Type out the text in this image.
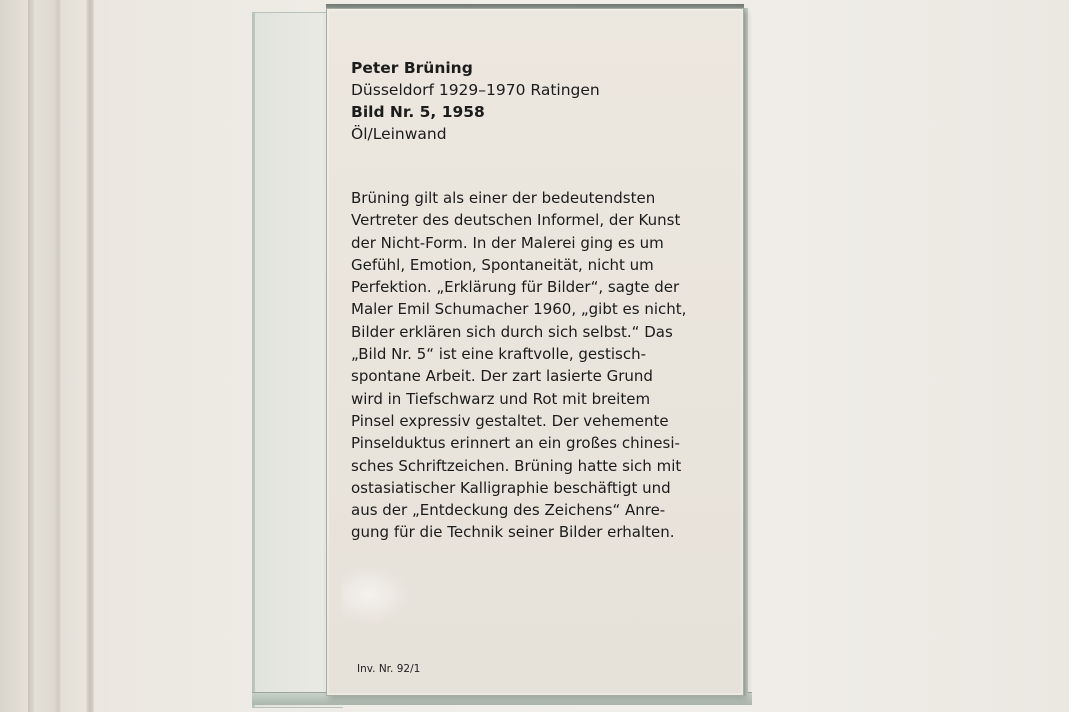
Peter Brüning
Düsseldorf 1929–1970 Ratingen
Bild Nr. 5, 1958
Öl/Leinwand
Brüning gilt als einer der bedeutendsten
Vertreter des deutschen Informel, der Kunst
der Nicht-Form. In der Malerei ging es um
Gefühl, Emotion, Spontaneität, nicht um
Perfektion. „Erklärung für Bilder“, sagte der
Maler Emil Schumacher 1960, „gibt es nicht,
Bilder erklären sich durch sich selbst.“ Das
„Bild Nr. 5“ ist eine kraftvolle, gestisch-
spontane Arbeit. Der zart lasierte Grund
wird in Tiefschwarz und Rot mit breitem
Pinsel expressiv gestaltet. Der vehemente
Pinselduktus erinnert an ein großes chinesi-
sches Schriftzeichen. Brüning hatte sich mit
ostasiatischer Kalligraphie beschäftigt und
aus der „Entdeckung des Zeichens“ Anre-
gung für die Technik seiner Bilder erhalten.
Inv. Nr. 92/1
